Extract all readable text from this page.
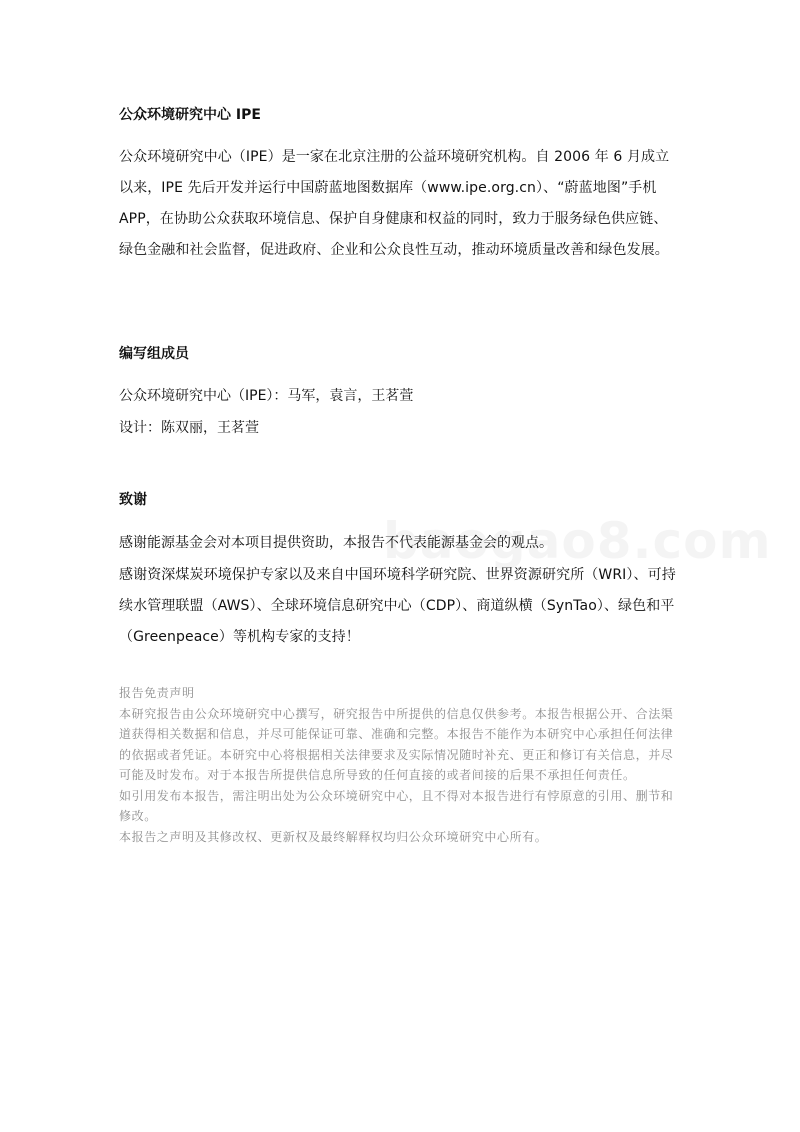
公众环境研究中心 IPE
公众环境研究中心（IPE）是一家在北京注册的公益环境研究机构。自 2006 年 6 月成立以来，IPE 先后开发并运行中国蔚蓝地图数据库（www.ipe.org.cn）、“蔚蓝地图”手机 APP，在协助公众获取环境信息、保护自身健康和权益的同时，致力于服务绿色供应链、绿色金融和社会监督，促进政府、企业和公众良性互动，推动环境质量改善和绿色发展。
编写组成员
公众环境研究中心（IPE）：马军，袁言，王茗萱
设计：陈双丽，王茗萱
致谢
感谢能源基金会对本项目提供资助，本报告不代表能源基金会的观点。
感谢资深煤炭环境保护专家以及来自中国环境科学研究院、世界资源研究所（WRI）、可持续水管理联盟（AWS）、全球环境信息研究中心（CDP）、商道纵横（SynTao）、绿色和平（Greenpeace）等机构专家的支持！

报告免责声明

本研究报告由公众环境研究中心撰写，研究报告中所提供的信息仅供参考。本报告根据公开、合法渠道获得相关数据和信息，并尽可能保证可靠、准确和完整。本报告不能作为本研究中心承担任何法律的依据或者凭证。本研究中心将根据相关法律要求及实际情况随时补充、更正和修订有关信息，并尽可能及时发布。对于本报告所提供信息所导致的任何直接的或者间接的后果不承担任何责任。

如引用发布本报告，需注明出处为公众环境研究中心，且不得对本报告进行有悖原意的引用、删节和修改。

本报告之声明及其修改权、更新权及最终解释权均归公众环境研究中心所有。
